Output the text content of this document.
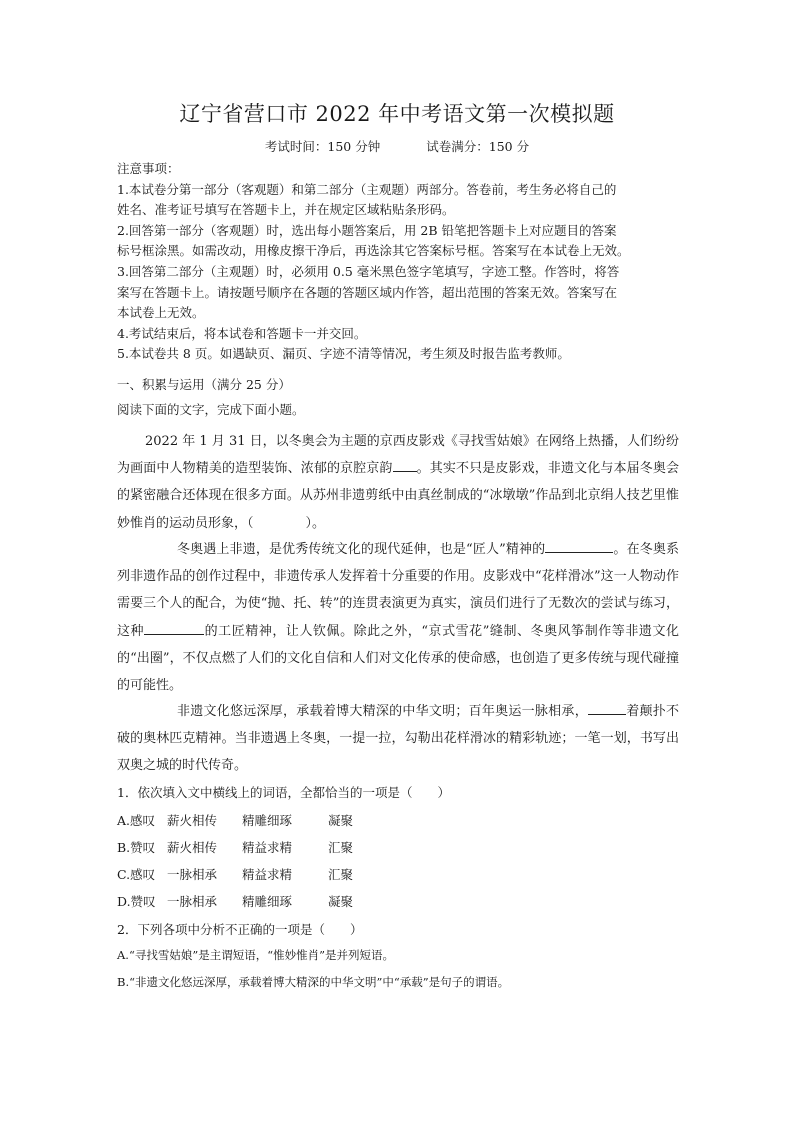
辽宁省营口市 2022 年中考语文第一次模拟题
考试时间：150 分钟	试卷满分：150 分
注意事项：
1.本试卷分第一部分（客观题）和第二部分（主观题）两部分。答卷前，考生务必将自己的
姓名、准考证号填写在答题卡上，并在规定区域粘贴条形码。
2.回答第一部分（客观题）时，选出每小题答案后，用 2B 铅笔把答题卡上对应题目的答案
标号框涂黑。如需改动，用橡皮擦干净后，再选涂其它答案标号框。答案写在本试卷上无效。
3.回答第二部分（主观题）时，必须用 0.5 毫米黑色签字笔填写，字迹工整。作答时，将答
案写在答题卡上。请按题号顺序在各题的答题区域内作答，超出范围的答案无效。答案写在
本试卷上无效。
4.考试结束后，将本试卷和答题卡一并交回。
5.本试卷共 8 页。如遇缺页、漏页、字迹不清等情况，考生须及时报告监考教师。
一、积累与运用（满分 25 分）
阅读下面的文字，完成下面小题。
2022 年 1 月 31 日，以冬奥会为主题的京西皮影戏《寻找雪姑娘》在网络上热播，人们纷纷为画面中人物精美的造型装饰、浓郁的京腔京韵 。其实不只是皮影戏，非遗文化与本届冬奥会的紧密融合还体现在很多方面。从苏州非遗剪纸中由真丝制成的“冰墩墩”作品到北京绢人技艺里惟妙惟肖的运动员形象，（　　　　）。
冬奥遇上非遗，是优秀传统文化的现代延伸，也是“匠人”精神的	。在冬奥系列非遗作品的创作过程中，非遗传承人发挥着十分重要的作用。皮影戏中“花样滑冰”这一人物动作需要三个人的配合，为使“抛、托、转”的连贯表演更为真实，演员们进行了无数次的尝试与练习，这种	的工匠精神，让人钦佩。除此之外，“京式雪花”缝制、冬奥风筝制作等非遗文化的“出圈”，不仅点燃了人们的文化自信和人们对文化传承的使命感，也创造了更多传统与现代碰撞的可能性。
非遗文化悠远深厚，承载着博大精深的中华文明；百年奥运一脉相承，	着颠扑不破的奥林匹克精神。当非遗遇上冬奥，一提一拉，勾勒出花样滑冰的精彩轨迹；一笔一划，书写出双奥之城的时代传奇。
1．依次填入文中横线上的词语，全都恰当的一项是（　　）
A.感叹 薪火相传 精雕细琢	凝聚
B.赞叹 薪火相传 精益求精	汇聚
C.感叹 一脉相承 精益求精	汇聚
D.赞叹 一脉相承 精雕细琢	凝聚
2．下列各项中分析不正确的一项是（　　）
A.“寻找雪姑娘”是主谓短语，“惟妙惟肖”是并列短语。
B.“非遗文化悠远深厚，承载着博大精深的中华文明”中“承载”是句子的谓语。
